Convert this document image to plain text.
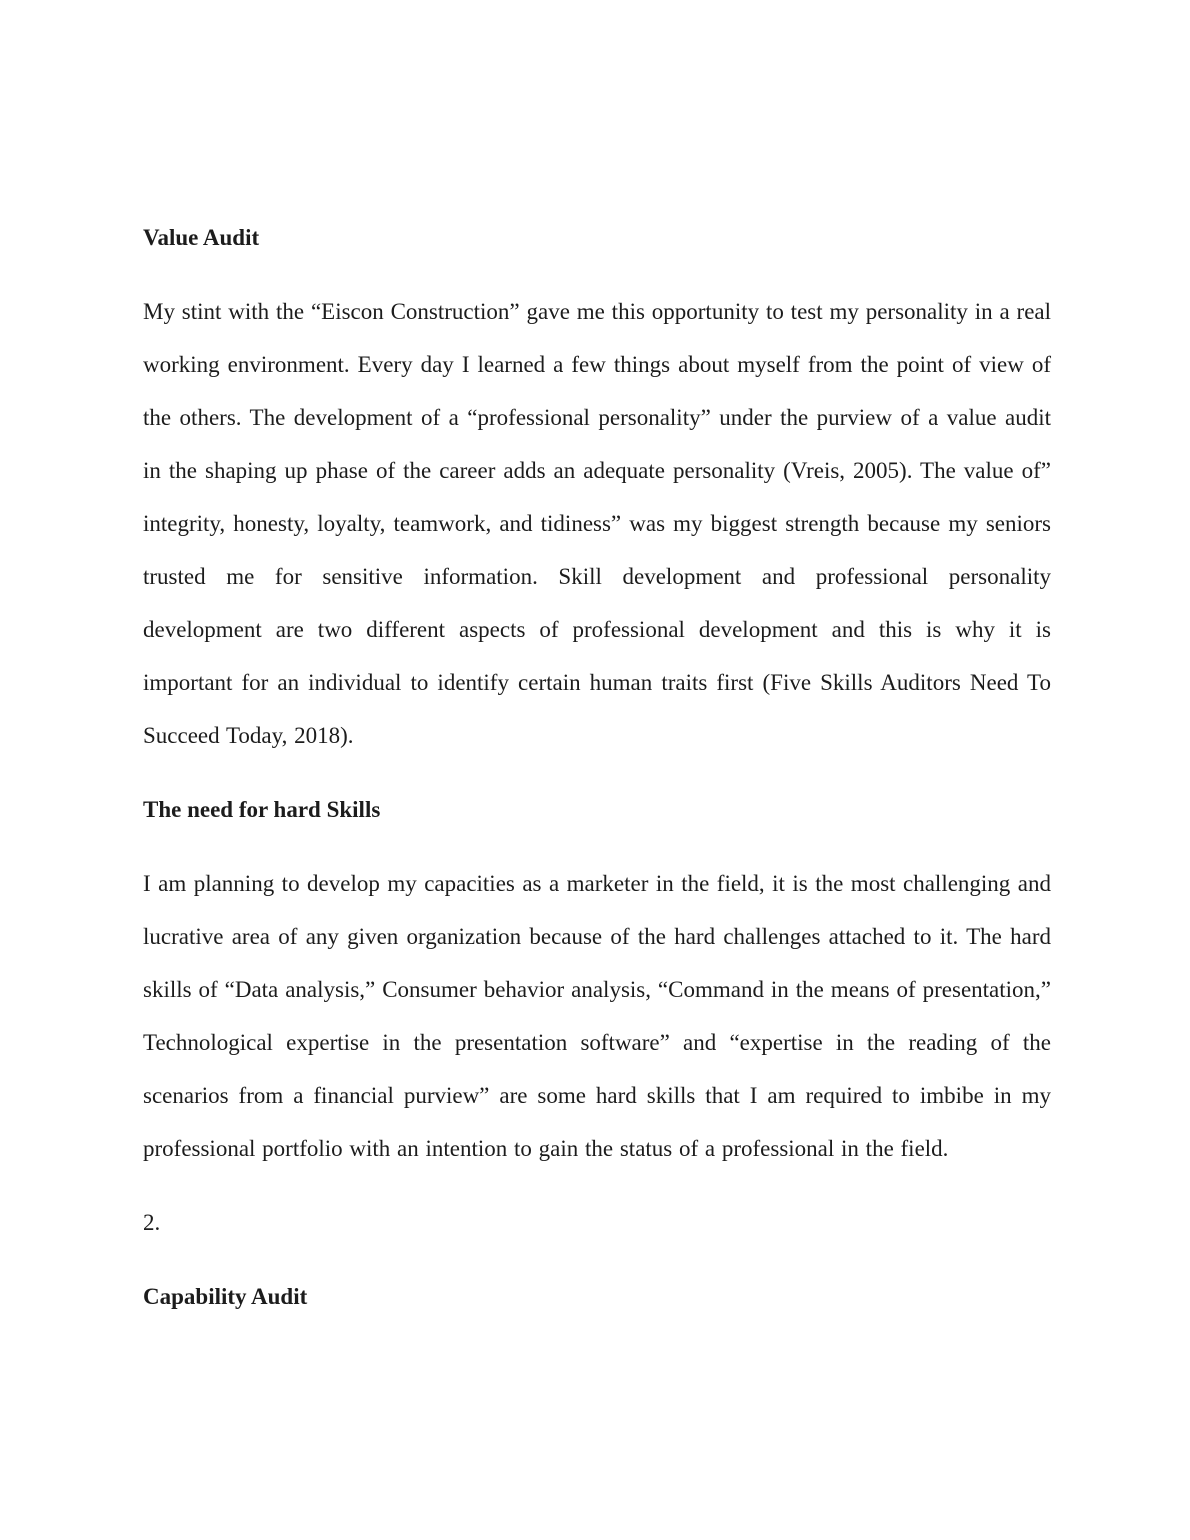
Value Audit
My stint with the “Eiscon Construction” gave me this opportunity to test my personality in a real working environment. Every day I learned a few things about myself from the point of view of the others. The development of a “professional personality” under the purview of a value audit in the shaping up phase of the career adds an adequate personality (Vreis, 2005). The value of” integrity, honesty, loyalty, teamwork, and tidiness” was my biggest strength because my seniors trusted me for sensitive information. Skill development and professional personality development are two different aspects of professional development and this is why it is important for an individual to identify certain human traits first (Five Skills Auditors Need To Succeed Today, 2018).
The need for hard Skills
I am planning to develop my capacities as a marketer in the field, it is the most challenging and lucrative area of any given organization because of the hard challenges attached to it. The hard skills of “Data analysis,” Consumer behavior analysis, “Command in the means of presentation,” Technological expertise in the presentation software” and “expertise in the reading of the scenarios from a financial purview” are some hard skills that I am required to imbibe in my professional portfolio with an intention to gain the status of a professional in the field.
2.
Capability Audit
